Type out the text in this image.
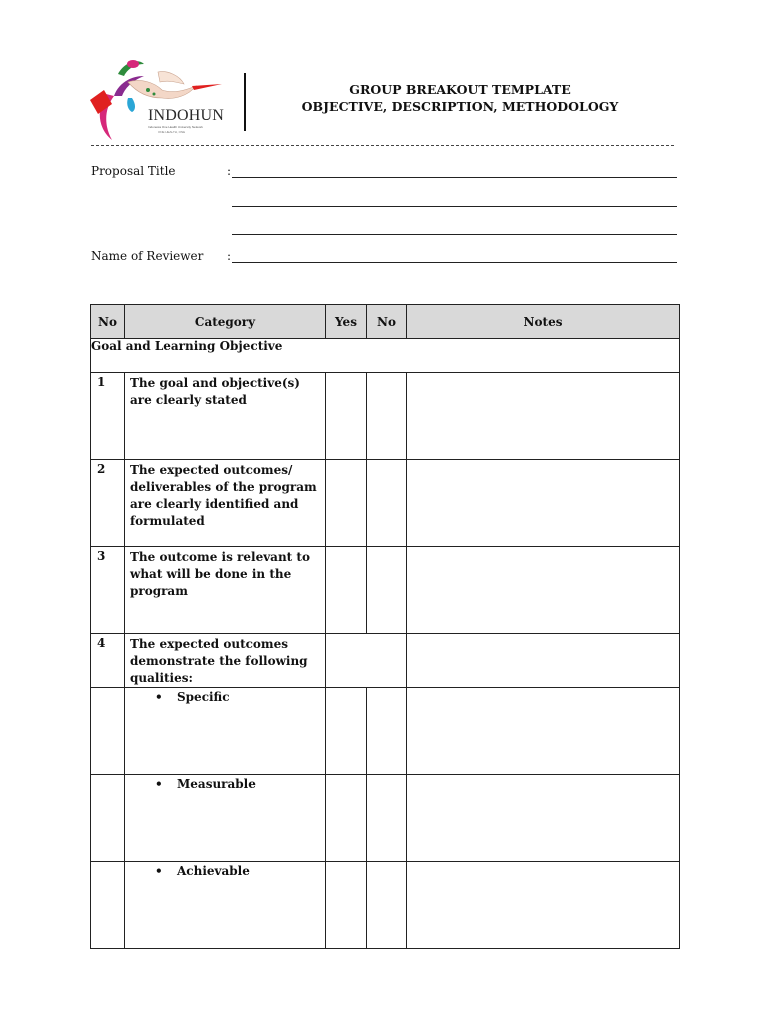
INDOHUN
Indonesia One Health University Network
ONE HEALTH, ONE
GROUP BREAKOUT TEMPLATE
OBJECTIVE, DESCRIPTION, METHODOLOGY
Proposal Title	:
Name of Reviewer :
No	Category	Yes	No	Notes
Goal and Learning Objective				
1	The goal and objective(s) are clearly stated			
2	The expected outcomes/ deliverables of the program are clearly identified and formulated			
3	The outcome is relevant to what will be done in the program			
4	The expected outcomes demonstrate the following qualities:			
	• Specific			
	• Measurable			
	• Achievable			
